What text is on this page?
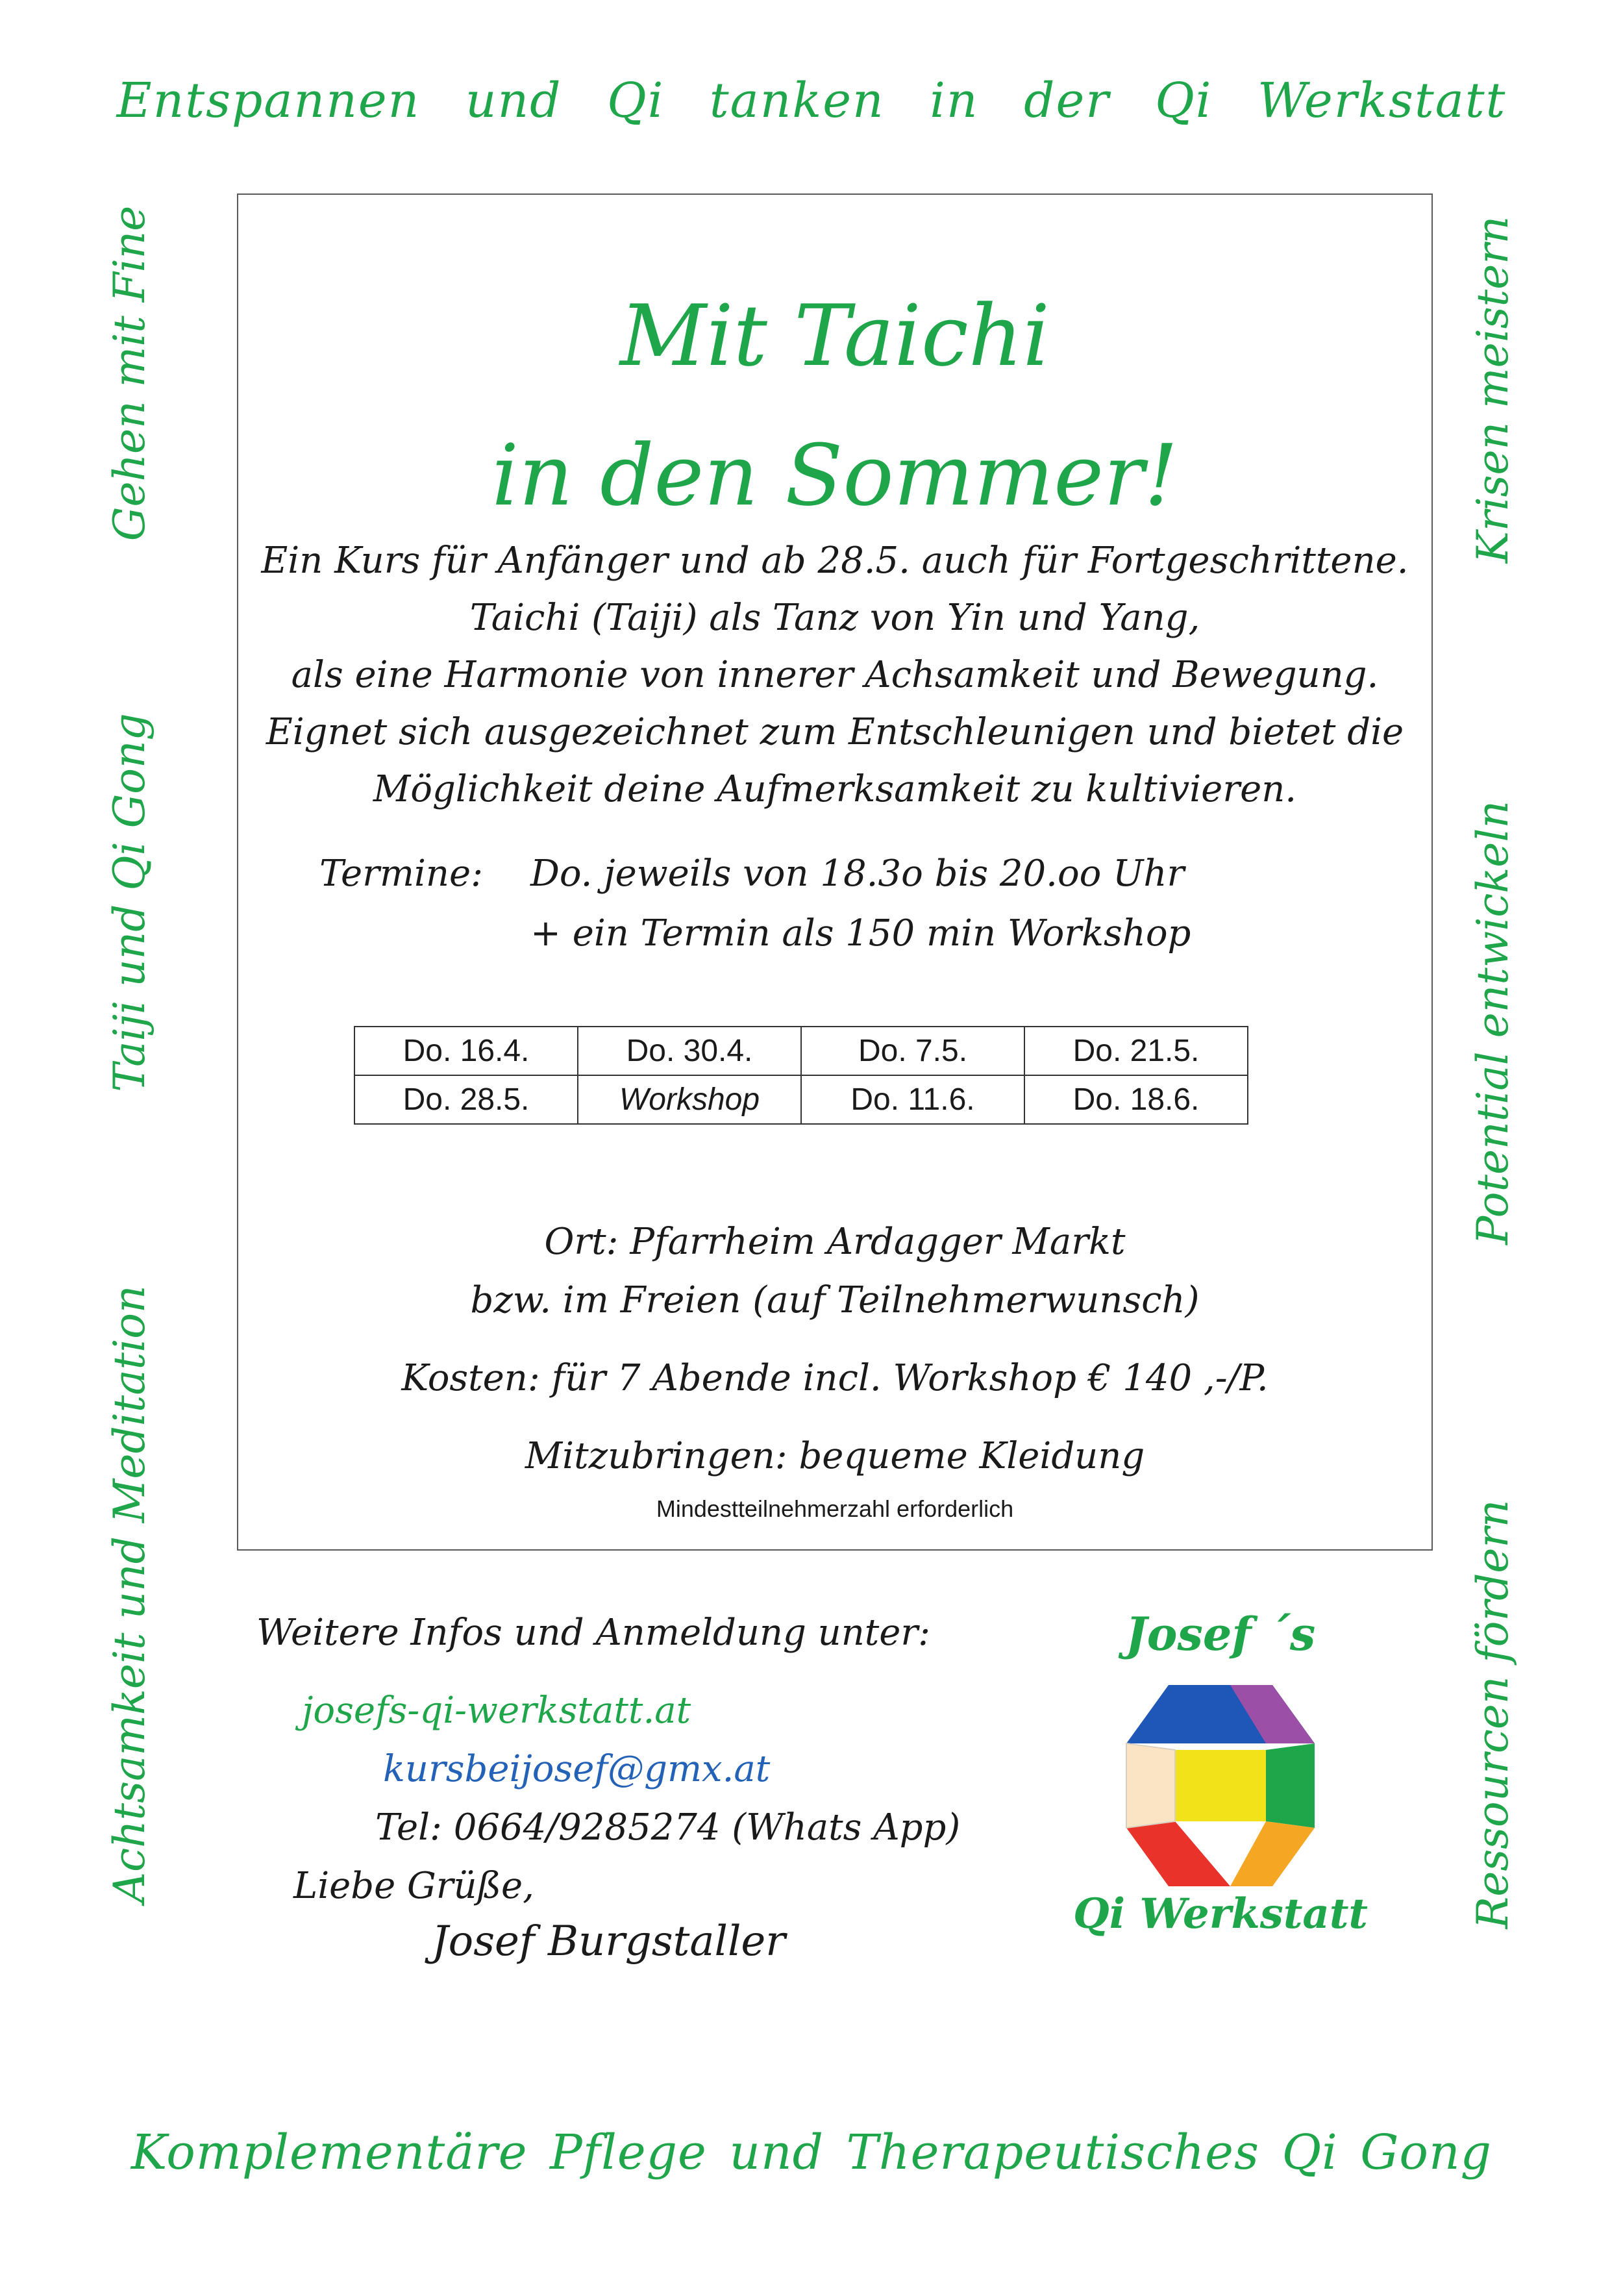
Entspannen und Qi tanken in der Qi Werkstatt
Gehen mit Fine
Taiji und Qi Gong
Achtsamkeit und Meditation
Krisen meistern
Potential entwickeln
Ressourcen fördern
Mit Taichi
in den Sommer!
Ein Kurs für Anfänger und ab 28.5. auch für Fortgeschrittene.
Taichi (Taiji) als Tanz von Yin und Yang,
als eine Harmonie von innerer Achsamkeit und Bewegung.
Eignet sich ausgezeichnet zum Entschleunigen und bietet die
Möglichkeit deine Aufmerksamkeit zu kultivieren.
Termine: Do. jeweils von 18.3o bis 20.oo Uhr
+ ein Termin als 150 min Workshop
Do. 16.4.	Do. 30.4.	Do. 7.5.	Do. 21.5.
Do. 28.5.	Workshop	Do. 11.6.	Do. 18.6.
Ort: Pfarrheim Ardagger Markt
bzw. im Freien (auf Teilnehmerwunsch)
Kosten: für 7 Abende incl. Workshop € 140 ,-/P.
Mitzubringen: bequeme Kleidung
Mindestteilnehmerzahl erforderlich
Weitere Infos und Anmeldung unter:
josefs-qi-werkstatt.at
kursbeijosef@gmx.at
Tel: 0664/9285274 (Whats App)
Liebe Grüße,
Josef Burgstaller
Josef ´s
Qi Werkstatt
Komplementäre Pflege und Therapeutisches Qi Gong
